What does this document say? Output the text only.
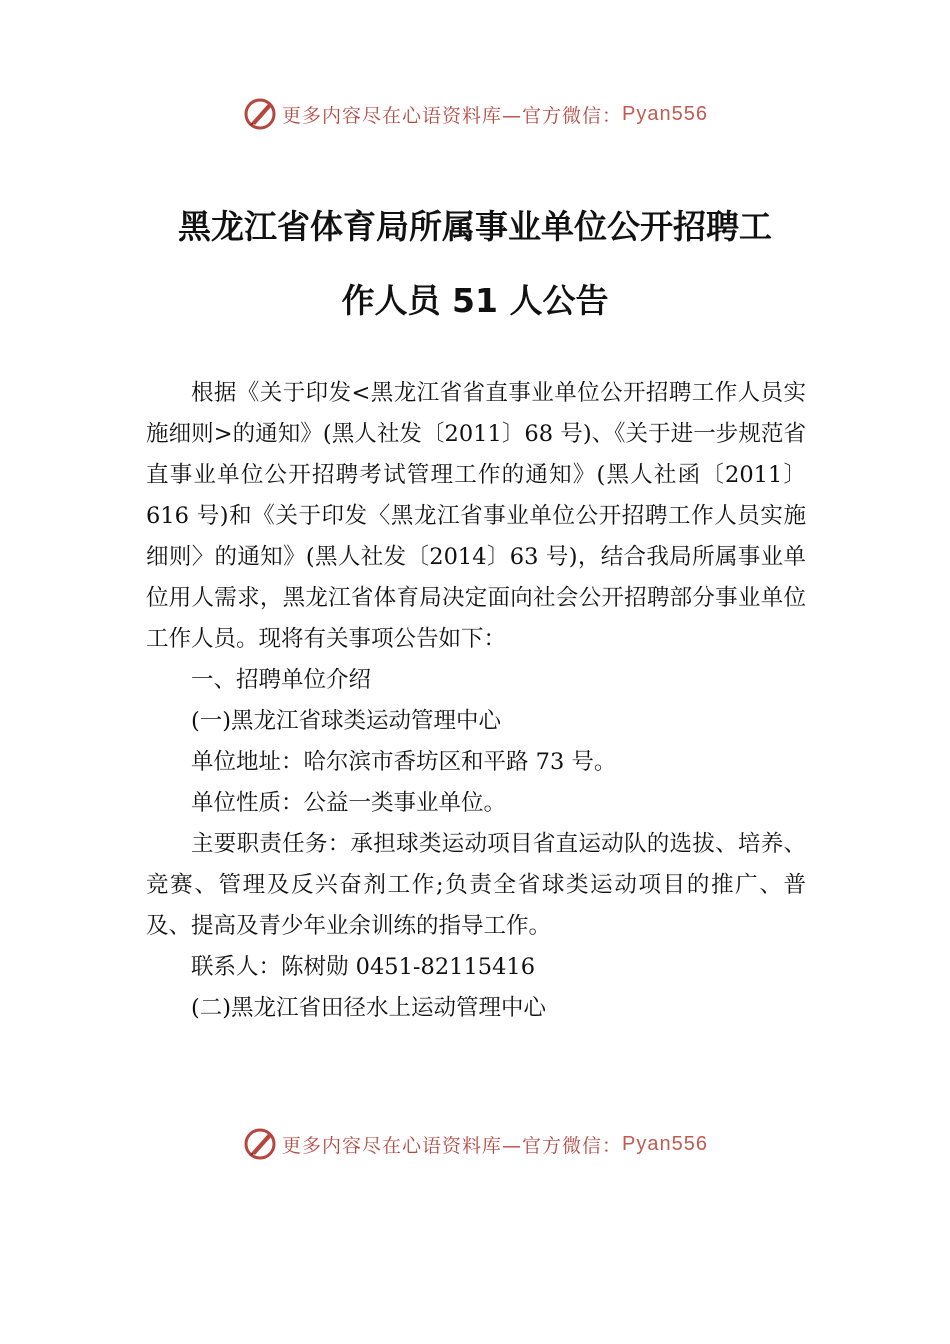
更多内容尽在心语资料库—官方微信： Pyan556
黑龙江省体育局所属事业单位公开招聘工
作人员 51 人公告

根据《关于印发<黑龙江省省直事业单位公开招聘工作人员实施细则>的通知》(黑人社发〔2011〕68 号)、《关于进一步规范省直事业单位公开招聘考试管理工作的通知》(黑人社函〔2011〕616 号)和《关于印发〈黑龙江省事业单位公开招聘工作人员实施细则〉的通知》(黑人社发〔2014〕63 号)，结合我局所属事业单位用人需求，黑龙江省体育局决定面向社会公开招聘部分事业单位工作人员。现将有关事项公告如下：

一、招聘单位介绍

(一)黑龙江省球类运动管理中心

单位地址：哈尔滨市香坊区和平路 73 号。

单位性质：公益一类事业单位。

主要职责任务：承担球类运动项目省直运动队的选拔、培养、竞赛、管理及反兴奋剂工作;负责全省球类运动项目的推广、普及、提高及青少年业余训练的指导工作。

联系人：陈树勋 0451-82115416

(二)黑龙江省田径水上运动管理中心

更多内容尽在心语资料库—官方微信： Pyan556
